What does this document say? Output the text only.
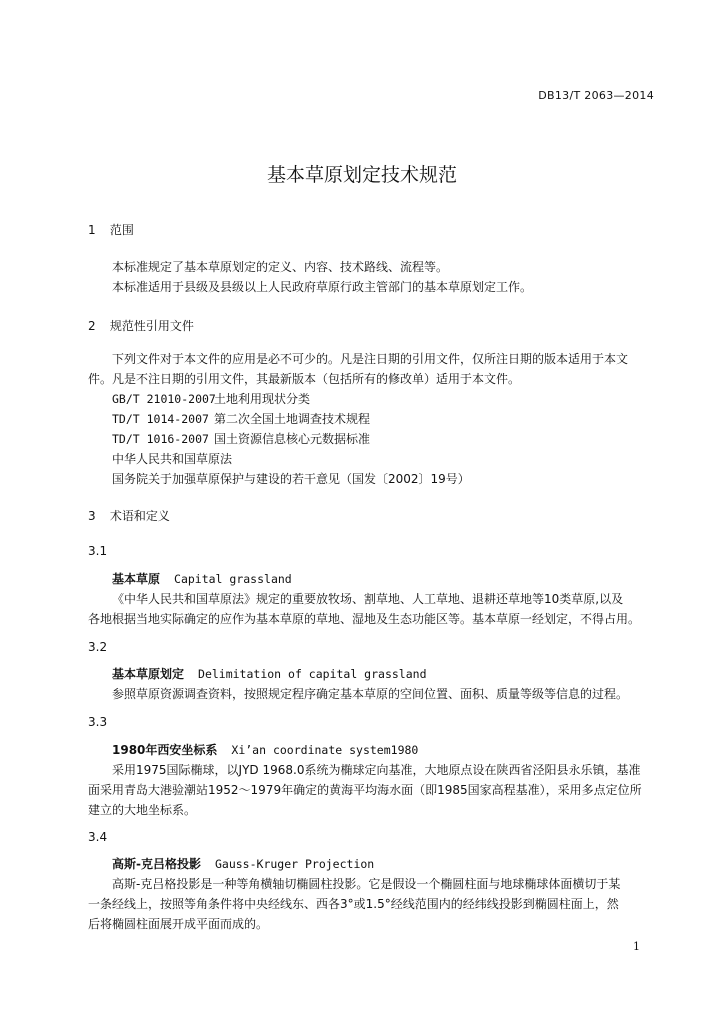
DB13/T 2063—2014
基本草原划定技术规范
1 范围
本标准规定了基本草原划定的定义、内容、技术路线、流程等。
本标准适用于县级及县级以上人民政府草原行政主管部门的基本草原划定工作。
2 规范性引用文件
下列文件对于本文件的应用是必不可少的。凡是注日期的引用文件，仅所注日期的版本适用于本文
件。凡是不注日期的引用文件，其最新版本（包括所有的修改单）适用于本文件。
GB/T 21010-2007土地利用现状分类
TD/T 1014-2007 第二次全国土地调查技术规程
TD/T 1016-2007 国土资源信息核心元数据标准
中华人民共和国草原法
国务院关于加强草原保护与建设的若干意见（国发〔2002〕19号）
3 术语和定义
3.1
基本草原 Capital grassland
《中华人民共和国草原法》规定的重要放牧场、割草地、人工草地、退耕还草地等10类草原,以及
各地根据当地实际确定的应作为基本草原的草地、湿地及生态功能区等。基本草原一经划定，不得占用。
3.2
基本草原划定 Delimitation of capital grassland
参照草原资源调查资料，按照规定程序确定基本草原的空间位置、面积、质量等级等信息的过程。
3.3
1980年西安坐标系 Xi’an coordinate system1980
采用1975国际椭球，以JYD 1968.0系统为椭球定向基准，大地原点设在陕西省泾阳县永乐镇，基准
面采用青岛大港验潮站1952～1979年确定的黄海平均海水面（即1985国家高程基准），采用多点定位所
建立的大地坐标系。
3.4
高斯-克吕格投影 Gauss-Kruger Projection
高斯-克吕格投影是一种等角横轴切椭圆柱投影。它是假设一个椭圆柱面与地球椭球体面横切于某
一条经线上，按照等角条件将中央经线东、西各3°或1.5°经线范围内的经纬线投影到椭圆柱面上，然
后将椭圆柱面展开成平面而成的。
1
